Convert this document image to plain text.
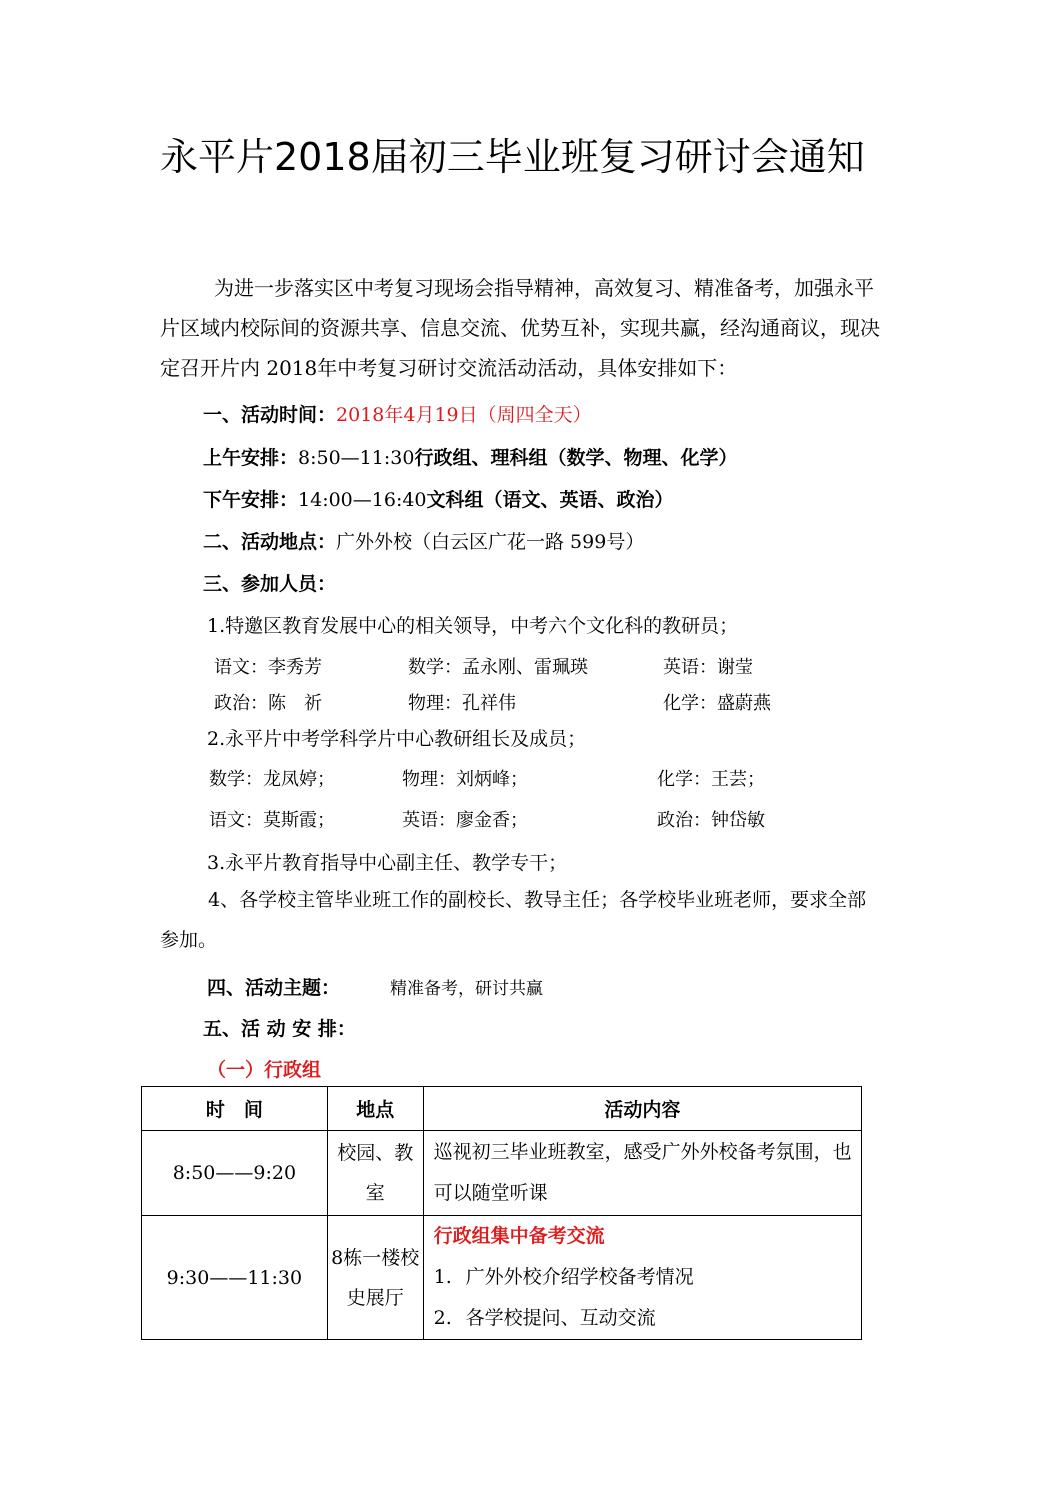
永平片2018届初三毕业班复习研讨会通知

为进一步落实区中考复习现场会指导精神，高效复习、精准备考，加强永平片区域内校际间的资源共享、信息交流、优势互补，实现共赢，经沟通商议，现决定召开片内 2018年中考复习研讨交流活动活动，具体安排如下：

一、活动时间：2018年4月19日（周四全天）
上午安排：8:50—11:30行政组、理科组（数学、物理、化学）
下午安排：14:00—16:40文科组（语文、英语、政治）
二、活动地点：广外外校（白云区广花一路 599号）
三、参加人员：
1.特邀区教育发展中心的相关领导，中考六个文化科的教研员；
语文：李秀芳	数学：孟永刚、雷珮瑛	英语：谢莹
政治：陈　祈	物理：孔祥伟	化学：盛蔚燕
2.永平片中考学科学片中心教研组长及成员；
数学：龙凤婷；	物理：刘炳峰；	化学：王芸；
语文：莫斯霞；	英语：廖金香；	政治：钟岱敏
3.永平片教育指导中心副主任、教学专干；

4、各学校主管毕业班工作的副校长、教导主任；各学校毕业班老师，要求全部参加。

四、活动主题：	精准备考，研讨共赢
五、活 动 安 排：
（一）行政组
时　间	地点	活动内容
8:50——9:20	校园、教室	巡视初三毕业班教室，感受广外外校备考氛围，也可以随堂听课
9:30——11:30	8栋一楼校史展厅	行政组集中备考交流
1. 广外外校介绍学校备考情况
2. 各学校提问、互动交流
